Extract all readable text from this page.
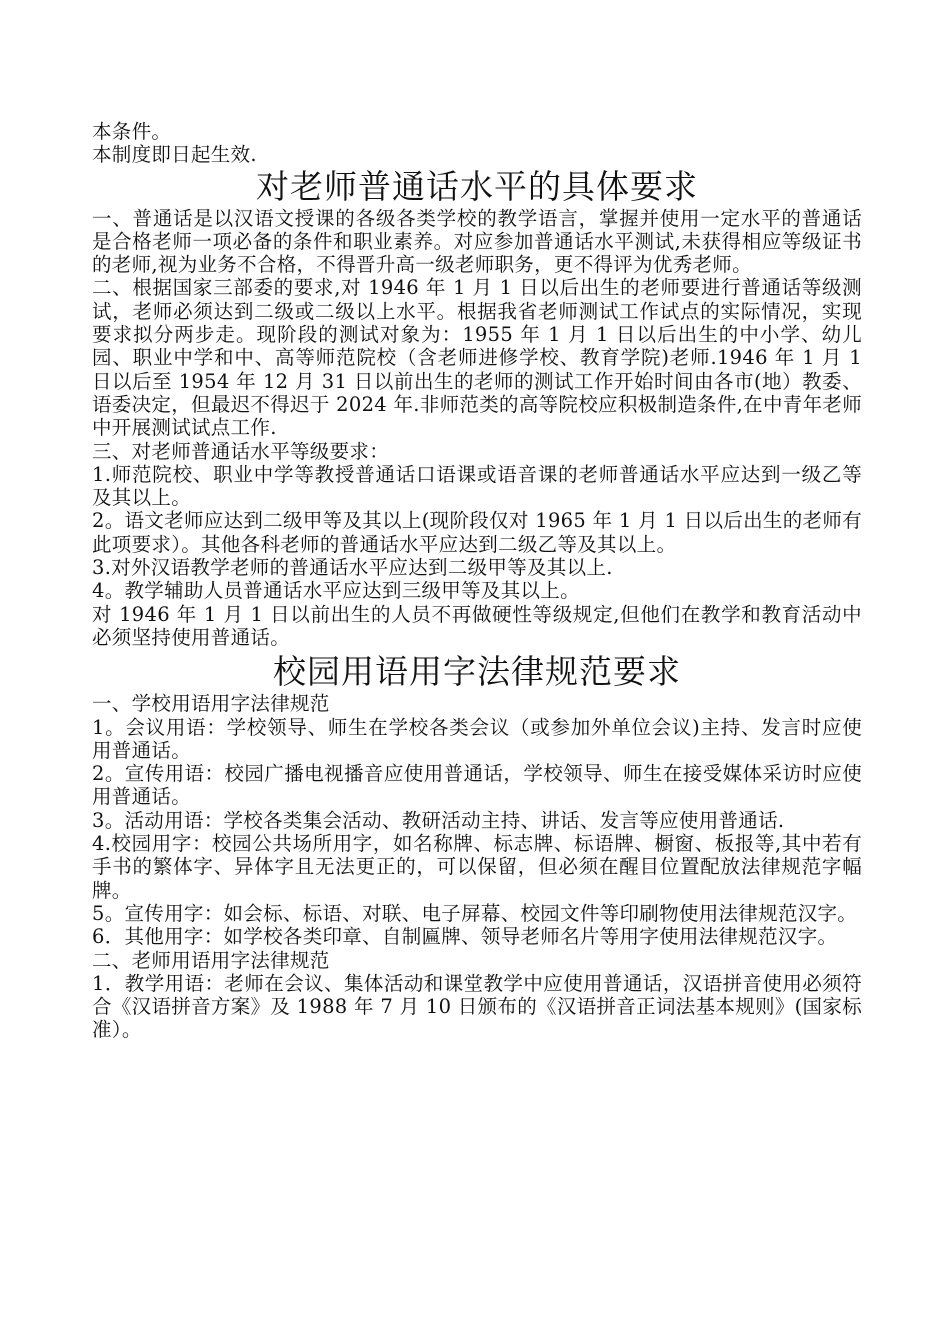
本条件。

本制度即日起生效.

对老师普通话水平的具体要求

一、普通话是以汉语文授课的各级各类学校的教学语言，掌握并使用一定水平的普通话是合格老师一项必备的条件和职业素养。对应参加普通话水平测试,未获得相应等级证书的老师,视为业务不合格，不得晋升高一级老师职务，更不得评为优秀老师。

二、根据国家三部委的要求,对 1946 年 1 月 1 日以后出生的老师要进行普通话等级测试，老师必须达到二级或二级以上水平。根据我省老师测试工作试点的实际情况，实现要求拟分两步走。现阶段的测试对象为：1955 年 1 月 1 日以后出生的中小学、幼儿园、职业中学和中、高等师范院校（含老师进修学校、教育学院)老师.1946 年 1 月 1 日以后至 1954 年 12 月 31 日以前出生的老师的测试工作开始时间由各市(地）教委、语委决定，但最迟不得迟于 2024 年.非师范类的高等院校应积极制造条件,在中青年老师中开展测试试点工作.

三、对老师普通话水平等级要求：

1.师范院校、职业中学等教授普通话口语课或语音课的老师普通话水平应达到一级乙等及其以上。

2。语文老师应达到二级甲等及其以上(现阶段仅对 1965 年 1 月 1 日以后出生的老师有此项要求）。其他各科老师的普通话水平应达到二级乙等及其以上。

3.对外汉语教学老师的普通话水平应达到二级甲等及其以上.

4。教学辅助人员普通话水平应达到三级甲等及其以上。

对 1946 年 1 月 1 日以前出生的人员不再做硬性等级规定,但他们在教学和教育活动中 必须坚持使用普通话。

校园用语用字法律规范要求

一、学校用语用字法律规范

1。会议用语：学校领导、师生在学校各类会议（或参加外单位会议)主持、发言时应使用普通话。

2。宣传用语：校园广播电视播音应使用普通话，学校领导、师生在接受媒体采访时应使用普通话。

3。活动用语：学校各类集会活动、教研活动主持、讲话、发言等应使用普通话.

4.校园用字：校园公共场所用字，如名称牌、标志牌、标语牌、橱窗、板报等,其中若有手书的繁体字、异体字且无法更正的，可以保留，但必须在醒目位置配放法律规范字幅牌。

5。宣传用字：如会标、标语、对联、电子屏幕、校园文件等印刷物使用法律规范汉字。

6．其他用字：如学校各类印章、自制匾牌、领导老师名片等用字使用法律规范汉字。

二、老师用语用字法律规范

1．教学用语：老师在会议、集体活动和课堂教学中应使用普通话，汉语拼音使用必须符合《汉语拼音方案》及 1988 年 7 月 10 日颁布的《汉语拼音正词法基本规则》(国家标准）。
